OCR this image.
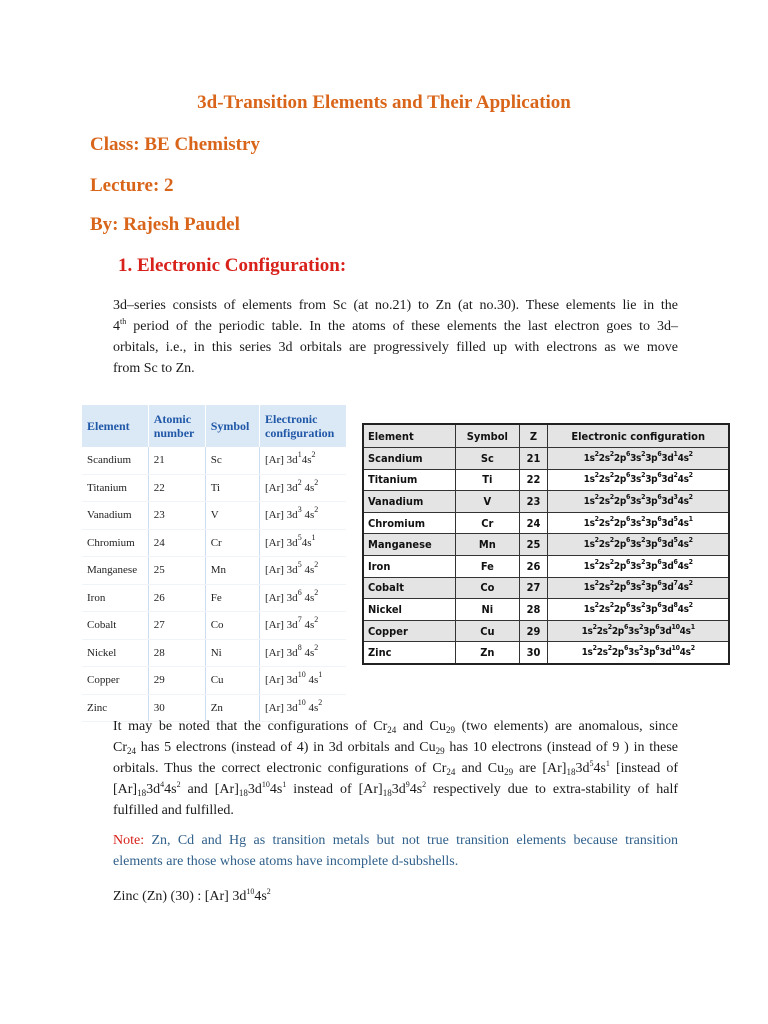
3d-Transition Elements and Their Application
Class: BE Chemistry
Lecture: 2
By: Rajesh Paudel
1. Electronic Configuration:
3d–series consists of elements from Sc (at no.21) to Zn (at no.30). These elements lie in the
4th period of the periodic table. In the atoms of these elements the last electron goes to 3d–
orbitals, i.e., in this series 3d orbitals are progressively filled up with electrons as we move
from Sc to Zn.
Element	Atomic number	Symbol	Electronic configuration
Scandium	21	Sc	[Ar] $3d^14s^2$
Titanium	22	Ti	[Ar] $3d^2$ $4s^2$
Vanadium	23	V	[Ar] $3d^3$ $4s^2$
Chromium	24	Cr	[Ar] $3d^54s^1$
Manganese	25	Mn	[Ar] $3d^5$ $4s^2$
Iron	26	Fe	[Ar] $3d^6$ $4s^2$
Cobalt	27	Co	[Ar] $3d^7$ $4s^2$
Nickel	28	Ni	[Ar] $3d^8$ $4s^2$
Copper	29	Cu	[Ar] $3d^{10}$ $4s^1$
Zinc	30	Zn	[Ar] $3d^{10}$ $4s^2$
Element	Symbol	Z	Electronic configuration
Scandium	Sc	21	$1s^22s^22p^63s^23p^63d^14s^2$
Titanium	Ti	22	$1s^22s^22p^63s^23p^63d^24s^2$
Vanadium	V	23	$1s^22s^22p^63s^23p^63d^34s^2$
Chromium	Cr	24	$1s^22s^22p^63s^23p^63d^54s^1$
Manganese	Mn	25	$1s^22s^22p^63s^23p^63d^54s^2$
Iron	Fe	26	$1s^22s^22p^63s^23p^63d^64s^2$
Cobalt	Co	27	$1s^22s^22p^63s^23p^63d^74s^2$
Nickel	Ni	28	$1s^22s^22p^63s^23p^63d^84s^2$
Copper	Cu	29	$1s^22s^22p^63s^23p^63d^{10}4s^1$
Zinc	Zn	30	$1s^22s^22p^63s^23p^63d^{10}4s^2$
It may be noted that the configurations of $Cr_{24}$ and $Cu_{29}$ (two elements) are anomalous, since
$Cr_{24}$ has 5 electrons (instead of 4) in 3d orbitals and $Cu_{29}$ has 10 electrons (instead of 9 ) in these
orbitals. Thus the correct electronic configurations of $Cr_{24}$ and $Cu_{29}$ are $[Ar]_{18}3d^54s^1$ [instead of
$[Ar]_{18}3d^44s^2$ and $[Ar]_{18}3d^{10}4s^1$ instead of $[Ar]_{18}3d^94s^2$ respectively due to extra-stability of half
fulfilled and fulfilled.
Note: Zn, Cd and Hg as transition metals but not true transition elements because transition
elements are those whose atoms have incomplete d-subshells.
Zinc (Zn) (30) : [Ar] $3d^{10}4s^2$
